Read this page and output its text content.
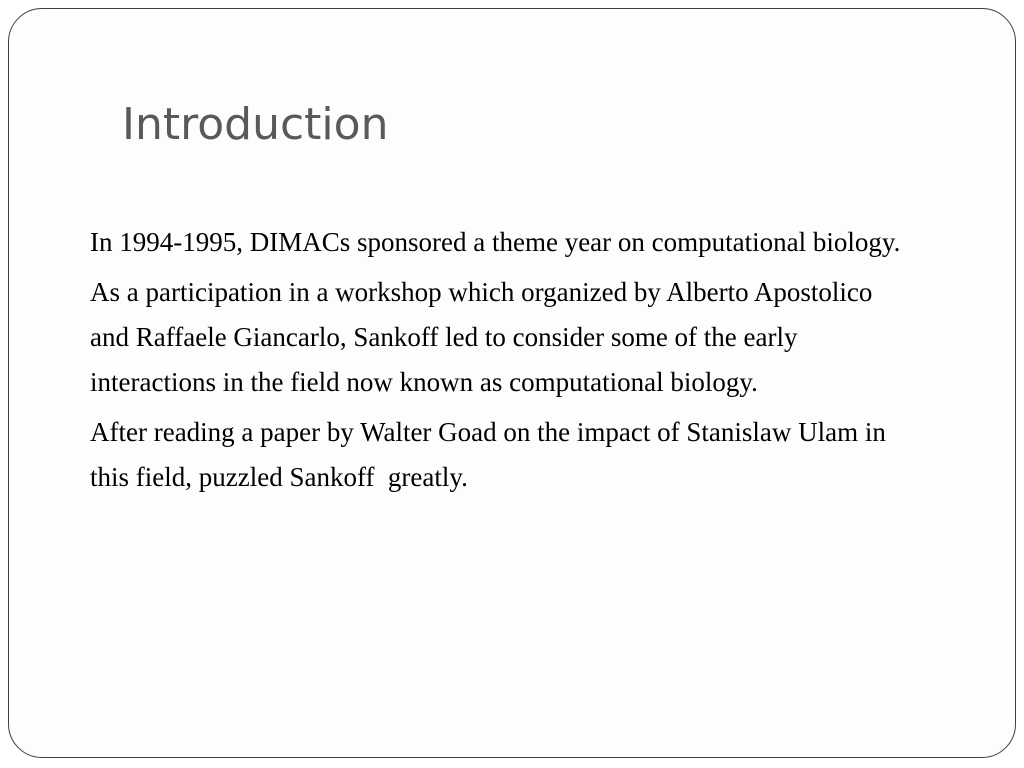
Introduction

In 1994-1995, DIMACs sponsored a theme year on computational biology.

As a participation in a workshop which organized by Alberto Apostolico and Raffaele Giancarlo, Sankoff led to consider some of the early interactions in the field now known as computational biology.

After reading a paper by Walter Goad on the impact of Stanislaw Ulam in this field, puzzled Sankoff  greatly.
